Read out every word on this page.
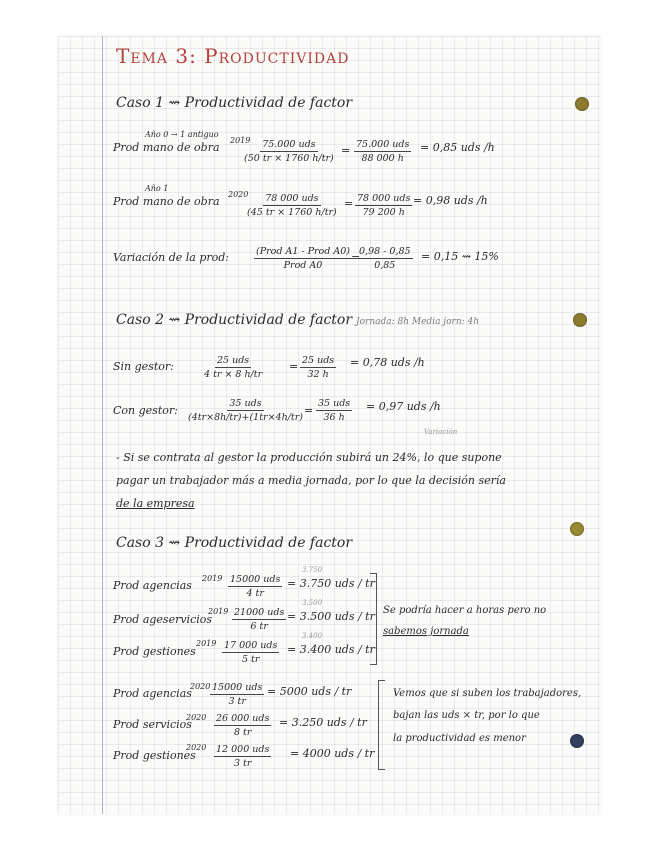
Tema 3: Productividad
Caso 1 ⇝ Productividad de factor
Año 0 → 1 antiguo
Prod mano de obra
2019 75.000 uds
(50 tr × 1760 h/tr)
= 75.000 uds
88 000 h
= 0,85 uds /h
Año 1
Prod mano de obra
2020 78 000 uds
(45 tr × 1760 h/tr)
= 78 000 uds
79 200 h
= 0,98 uds /h
Variación de la prod:	(Prod A1 - Prod A0)
Prod A0
=
$\frac{0,98 - 0,85}{0,85} = 0,15$ ⇝ 15%
Caso 2 ⇝ Productividad de factor Jornada: 8h Media jorn: 4h
Sin gestor:	25 uds
4 tr × 8 h/tr
= 25 uds
32 h
= 0,78 uds /h
Con gestor:
35 uds
(4tr×8h/tr)+(1tr×4h/tr)
=
35 uds
36 h
= 0,97 uds /h
Variación
- Si se contrata al gestor la producción subirá un 24%, lo que supone
pagar un trabajador más a media jornada, por lo que la decisión sería
de la empresa
Caso 3 ⇝ Productividad de factor
Prod agencias
2019 15000 uds
4 tr
3.750
= 3.750 uds / tr
Prod ageservicios
2019 21000 uds
6 tr
3.500
= 3.500 uds / tr
Prod gestiones
2019 17 000 uds
5 tr
3.400
= 3.400 uds / tr
Se podría hacer a horas pero no
sabemos jornada
Prod agencias
2020 15000 uds
3 tr
= 5000 uds / tr
Prod servicios
2020 26 000 uds
8 tr
= 3.250 uds / tr
Prod gestiones
2020 12 000 uds
3 tr
= 4000 uds / tr
Vemos que si suben los trabajadores,
bajan las uds × tr, por lo que
la productividad es menor
